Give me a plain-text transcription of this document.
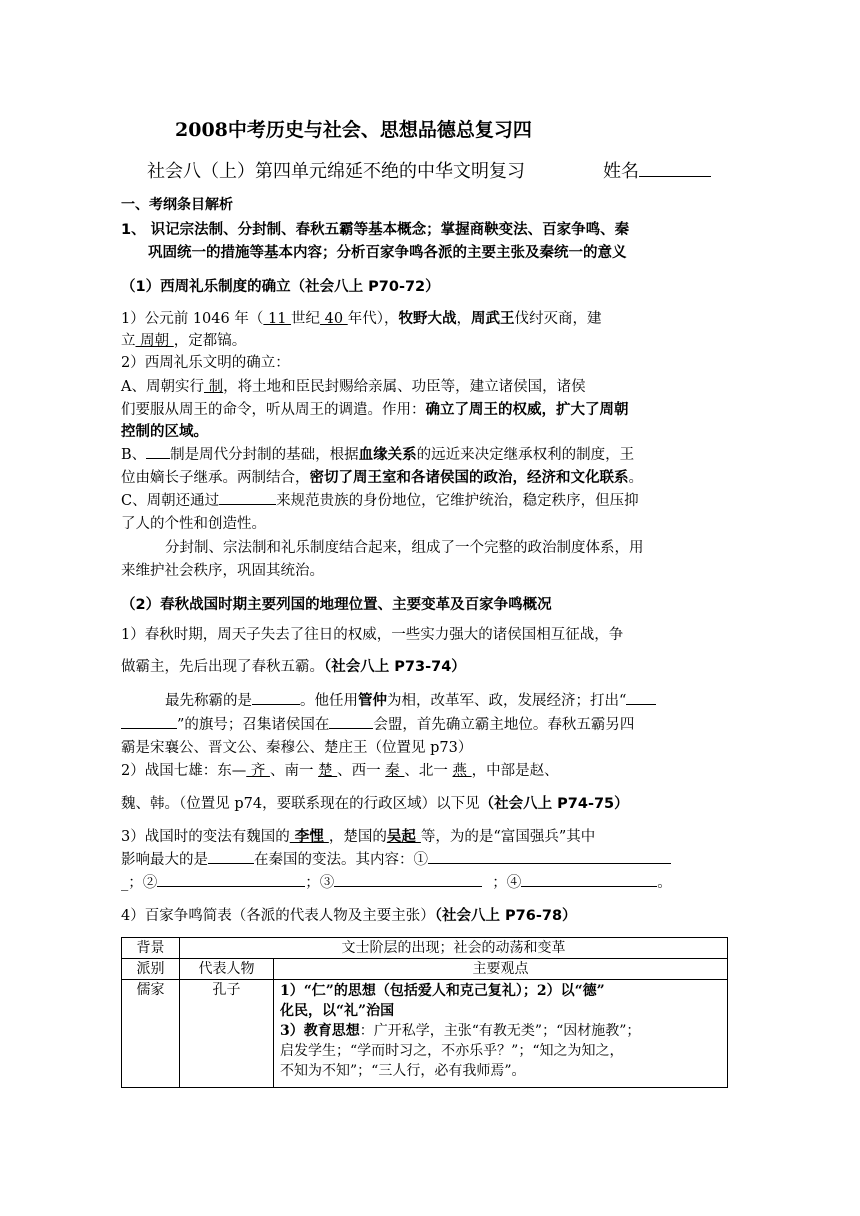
2008中考历史与社会、思想品德总复习四
社会八（上）第四单元绵延不绝的中华文明复习	姓名
一、考纲条目解析
1、 识记宗法制、分封制、春秋五霸等基本概念；掌握商鞅变法、百家争鸣、秦
巩固统一的措施等基本内容；分析百家争鸣各派的主要主张及秦统一的意义
（1）西周礼乐制度的确立（社会八上 P70-72）
1）公元前 1046 年（ 11 世纪 40 年代），牧野大战，周武王伐纣灭商，建
立 周朝 ，定都镐。
2）西周礼乐文明的确立：
A、周朝实行 制，将土地和臣民封赐给亲属、功臣等，建立诸侯国，诸侯
们要服从周王的命令，听从周王的调遣。作用：确立了周王的权威，扩大了周朝
控制的区域。
B、 制是周代分封制的基础，根据血缘关系的远近来决定继承权利的制度，王
位由嫡长子继承。两制结合，密切了周王室和各诸侯国的政治，经济和文化联系。
C、周朝还通过	来规范贵族的身份地位，它维护统治，稳定秩序，但压抑
了人的个性和创造性。
分封制、宗法制和礼乐制度结合起来，组成了一个完整的政治制度体系，用
来维护社会秩序，巩固其统治。
（2）春秋战国时期主要列国的地理位置、主要变革及百家争鸣概况
1）春秋时期，周天子失去了往日的权威，一些实力强大的诸侯国相互征战，争
做霸主，先后出现了春秋五霸。（社会八上 P73-74）
最先称霸的是	。他任用管仲为相，改革军、政，发展经济；打出“
”的旗号；召集诸侯国在	会盟，首先确立霸主地位。春秋五霸另四
霸是宋襄公、晋文公、秦穆公、楚庄王（位置见 p73）
2）战国七雄：东— 齐 、南一 楚 、西一 秦 、北一 燕 ，中部是赵、
魏、韩。（位置见 p74，要联系现在的行政区域）以下见（社会八上 P74-75）
3）战国时的变法有魏国的 李悝 ，楚国的吴起 等，为的是“富国强兵”其中
影响最大的是	在秦国的变法。其内容：①
_；②	；③	；④	。
4）百家争鸣简表（各派的代表人物及主要主张）（社会八上 P76-78）
背景	文士阶层的出现；社会的动荡和变革	
派别	代表人物	主要观点
儒家	孔子	1）“仁”的思想（包括爱人和克己复礼）；2）以“德”
化民，以“礼”治国
3）教育思想：广开私学，主张“有教无类”；“因材施教”；
启发学生；“学而时习之，不亦乐乎？”；“知之为知之，
不知为不知”；“三人行，必有我师焉”。
